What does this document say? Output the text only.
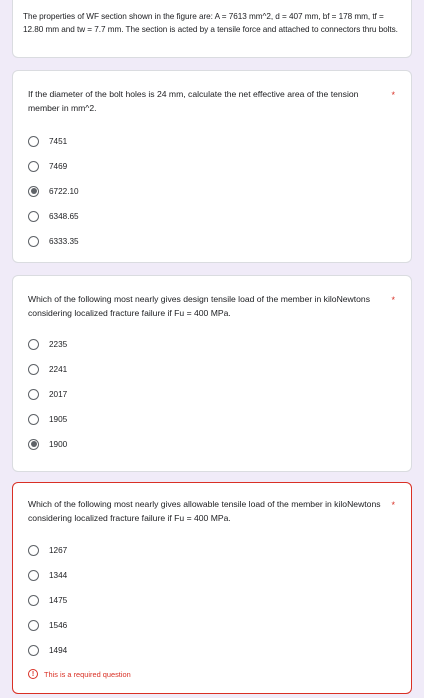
The properties of WF section shown in the figure are: A = 7613 mm^2, d = 407 mm, bf = 178 mm, tf = 12.80 mm and tw = 7.7 mm. The section is acted by a tensile force and attached to connectors thru bolts.
If the diameter of the bolt holes is 24 mm, calculate the net effective area of the tension member in mm^2.
*
7451
7469
6722.10
6348.65
6333.35
Which of the following most nearly gives design tensile load of the member in kiloNewtons considering localized fracture failure if Fu = 400 MPa.
*
2235
2241
2017
1905
1900
Which of the following most nearly gives allowable tensile load of the member in kiloNewtons considering localized fracture failure if Fu = 400 MPa.
*
1267
1344
1475
1546
1494
!	This is a required question
